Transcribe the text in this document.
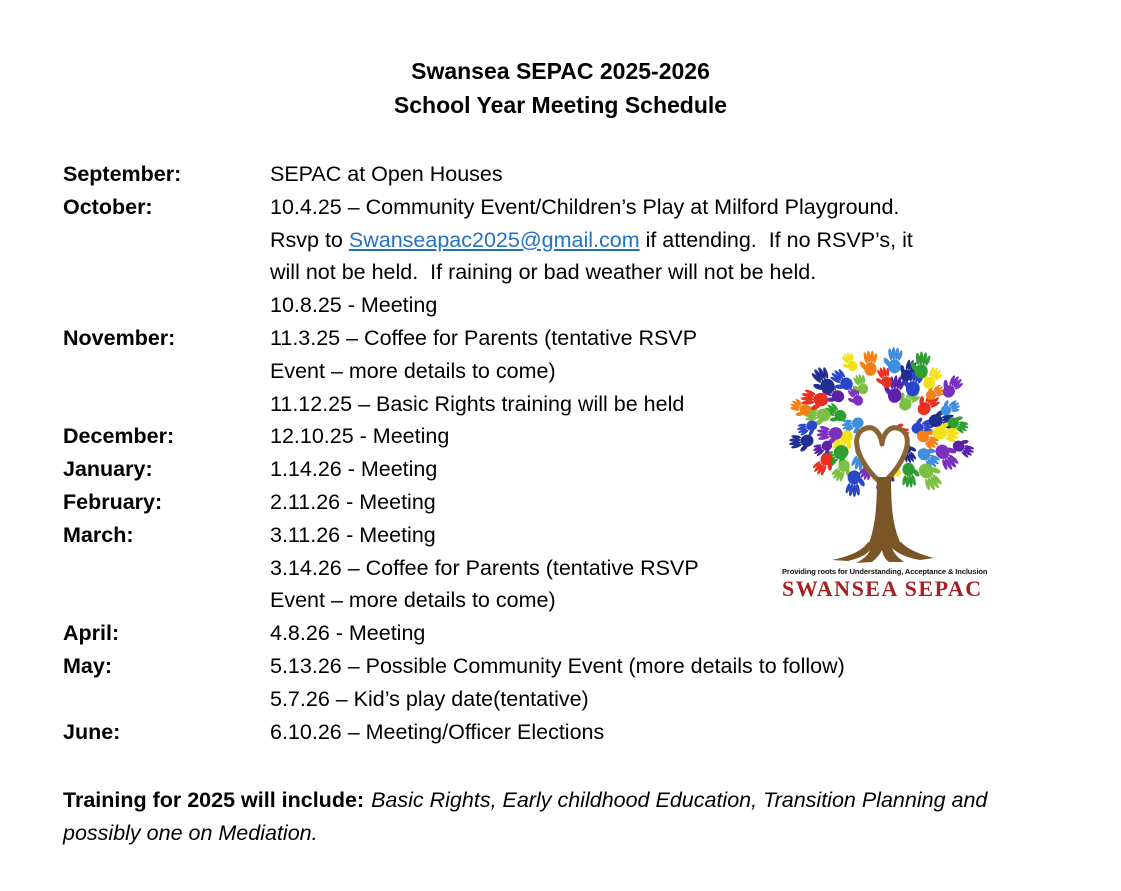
Swansea SEPAC 2025-2026
School Year Meeting Schedule
September:	SEPAC at Open Houses
October:	10.4.25 – Community Event/Children’s Play at Milford Playground.
Rsvp to Swanseapac2025@gmail.com if attending.  If no RSVP’s, it
will not be held.  If raining or bad weather will not be held.
10.8.25 - Meeting
November:	11.3.25 – Coffee for Parents (tentative RSVP
Event – more details to come)
11.12.25 – Basic Rights training will be held
December:	12.10.25 - Meeting
January:	1.14.26 - Meeting
February:	2.11.26 - Meeting
March:	3.11.26 - Meeting
3.14.26 – Coffee for Parents (tentative RSVP
Event – more details to come)
April:	4.8.26 - Meeting
May:	5.13.26 – Possible Community Event (more details to follow)
5.7.26 – Kid’s play date(tentative)
June:	6.10.26 – Meeting/Officer Elections
Providing roots for Understanding, Acceptance & Inclusion
SWANSEA SEPAC
Training for 2025 will include: Basic Rights, Early childhood Education, Transition Planning and possibly one on Mediation.
